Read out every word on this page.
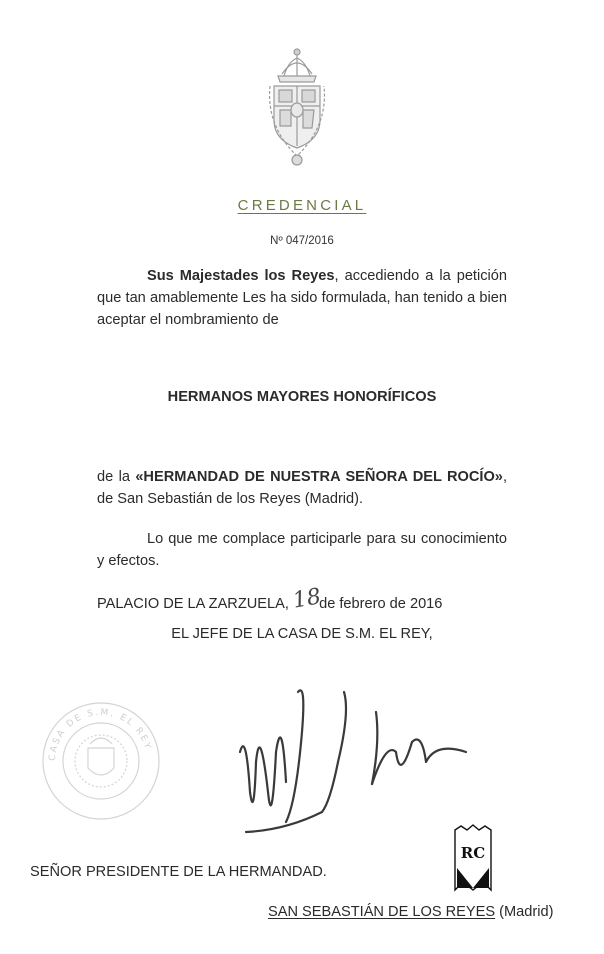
CREDENCIAL
Nº 047/2016
Sus Majestades los Reyes, accediendo a la petición que tan amablemente Les ha sido formulada, han tenido a bien aceptar el nombramiento de
HERMANOS MAYORES HONORÍFICOS
de la «HERMANDAD DE NUESTRA SEÑORA DEL ROCÍO», de San Sebastián de los Reyes (Madrid).
Lo que me complace participarle para su conocimiento y efectos.
PALACIO DE LA ZARZUELA, 18 de febrero de 2016
EL JEFE DE LA CASA DE S.M. EL REY,
CASA DE S.M. EL REY
RC
SEÑOR PRESIDENTE DE LA HERMANDAD.
SAN SEBASTIÁN DE LOS REYES (Madrid)
